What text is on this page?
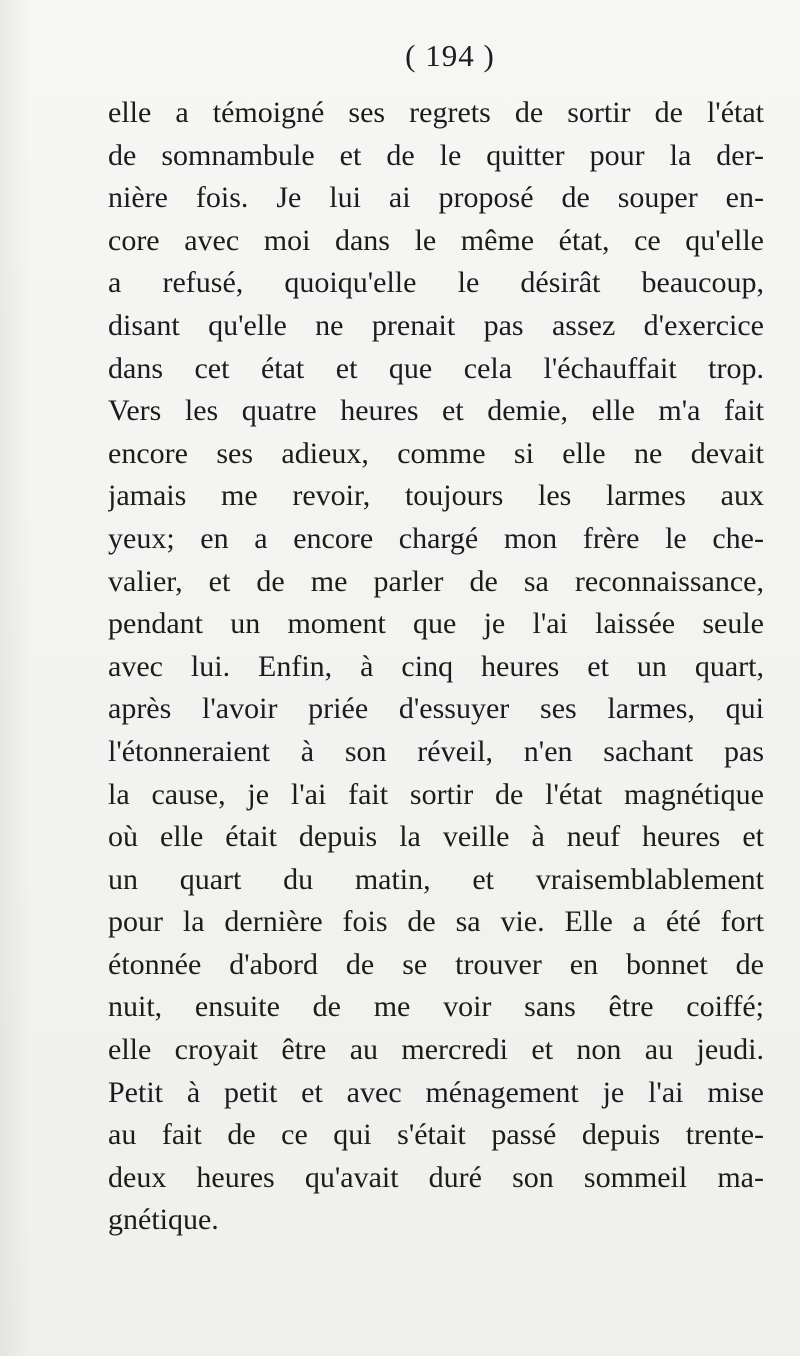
( 194 )
elle a témoigné ses regrets de sortir de l'état
de somnambule et de le quitter pour la der-
nière fois. Je lui ai proposé de souper en-
core avec moi dans le même état, ce qu'elle
a refusé, quoiqu'elle le désirât beaucoup,
disant qu'elle ne prenait pas assez d'exercice
dans cet état et que cela l'échauffait trop.
Vers les quatre heures et demie, elle m'a fait
encore ses adieux, comme si elle ne devait
jamais me revoir, toujours les larmes aux
yeux; en a encore chargé mon frère le che-
valier, et de me parler de sa reconnaissance,
pendant un moment que je l'ai laissée seule
avec lui. Enfin, à cinq heures et un quart,
après l'avoir priée d'essuyer ses larmes, qui
l'étonneraient à son réveil, n'en sachant pas
la cause, je l'ai fait sortir de l'état magnétique
où elle était depuis la veille à neuf heures et
un quart du matin, et vraisemblablement
pour la dernière fois de sa vie. Elle a été fort
étonnée d'abord de se trouver en bonnet de
nuit, ensuite de me voir sans être coiffé;
elle croyait être au mercredi et non au jeudi.
Petit à petit et avec ménagement je l'ai mise
au fait de ce qui s'était passé depuis trente-
deux heures qu'avait duré son sommeil ma-
gnétique.
